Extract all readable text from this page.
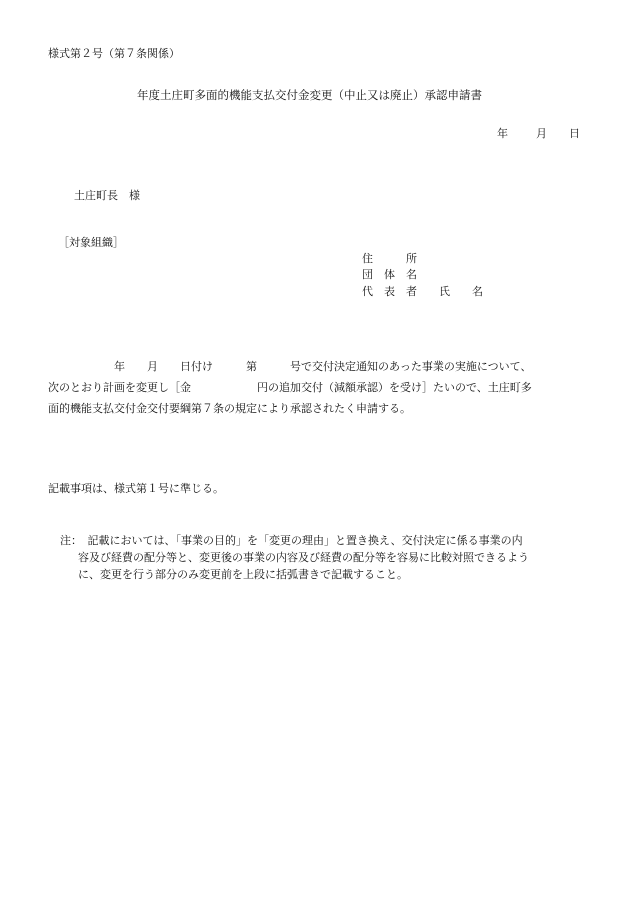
様式第２号（第７条関係）
年度土庄町多面的機能支払交付金変更（中止又は廃止）承認申請書
年	月 日
土庄町長　様
［対象組織］
住　　　所
団　体　名
代　表　者　　氏　　名
　　　　　　年　　月　　日付け　　　第　　　号で交付決定通知のあった事業の実施について、
次のとおり計画を変更し［金　　　　　　円の追加交付（減額承認）を受け］たいので、土庄町多
面的機能支払交付金交付要綱第７条の規定により承認されたく申請する。
記載事項は、様式第１号に準じる。
注：　記載においては、「事業の目的」を「変更の理由」と置き換え、交付決定に係る事業の内
容及び経費の配分等と、変更後の事業の内容及び経費の配分等を容易に比較対照できるよう
に、変更を行う部分のみ変更前を上段に括弧書きで記載すること。
